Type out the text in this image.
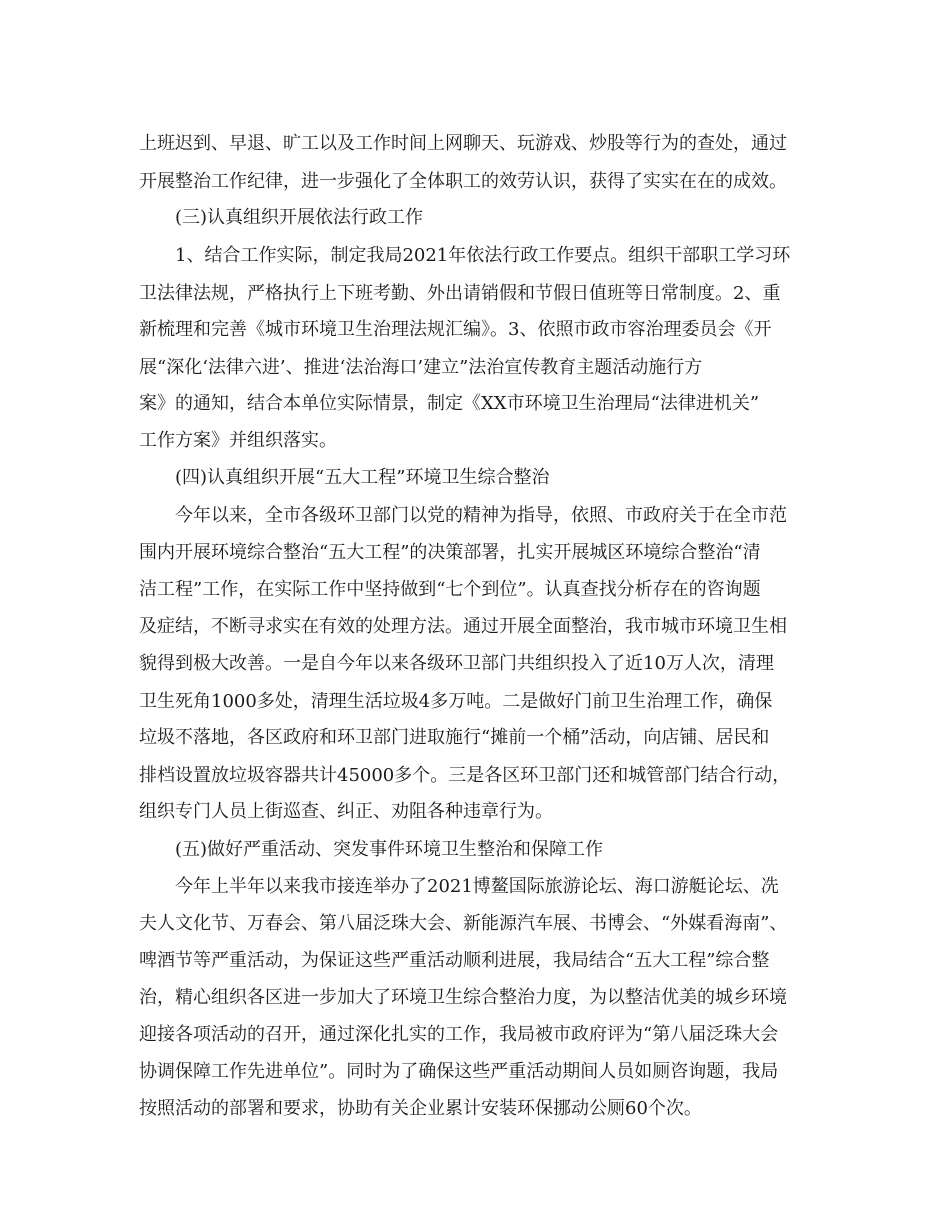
上班迟到、早退、旷工以及工作时间上网聊天、玩游戏、炒股等行为的查处，通过
开展整治工作纪律，进一步强化了全体职工的效劳认识，获得了实实在在的成效。
(三)认真组织开展依法行政工作
1、结合工作实际，制定我局2021年依法行政工作要点。组织干部职工学习环
卫法律法规，严格执行上下班考勤、外出请销假和节假日值班等日常制度。2、重
新梳理和完善《城市环境卫生治理法规汇编》。3、依照市政市容治理委员会《开
展“深化‘法律六进’、推进‘法治海口’建立”法治宣传教育主题活动施行方
案》的通知，结合本单位实际情景，制定《XX市环境卫生治理局“法律进机关”
工作方案》并组织落实。
(四)认真组织开展“五大工程”环境卫生综合整治
今年以来，全市各级环卫部门以党的精神为指导，依照、市政府关于在全市范
围内开展环境综合整治“五大工程”的决策部署，扎实开展城区环境综合整治“清
洁工程”工作，在实际工作中坚持做到“七个到位”。认真查找分析存在的咨询题
及症结，不断寻求实在有效的处理方法。通过开展全面整治，我市城市环境卫生相
貌得到极大改善。一是自今年以来各级环卫部门共组织投入了近10万人次，清理
卫生死角1000多处，清理生活垃圾4多万吨。二是做好门前卫生治理工作，确保
垃圾不落地，各区政府和环卫部门进取施行“摊前一个桶”活动，向店铺、居民和
排档设置放垃圾容器共计45000多个。三是各区环卫部门还和城管部门结合行动，
组织专门人员上街巡查、纠正、劝阻各种违章行为。
(五)做好严重活动、突发事件环境卫生整治和保障工作
今年上半年以来我市接连举办了2021博鳌国际旅游论坛、海口游艇论坛、冼
夫人文化节、万春会、第八届泛珠大会、新能源汽车展、书博会、“外媒看海南”、
啤酒节等严重活动，为保证这些严重活动顺利进展，我局结合“五大工程”综合整
治，精心组织各区进一步加大了环境卫生综合整治力度，为以整洁优美的城乡环境
迎接各项活动的召开，通过深化扎实的工作，我局被市政府评为“第八届泛珠大会
协调保障工作先进单位”。同时为了确保这些严重活动期间人员如厕咨询题，我局
按照活动的部署和要求，协助有关企业累计安装环保挪动公厕60个次。
